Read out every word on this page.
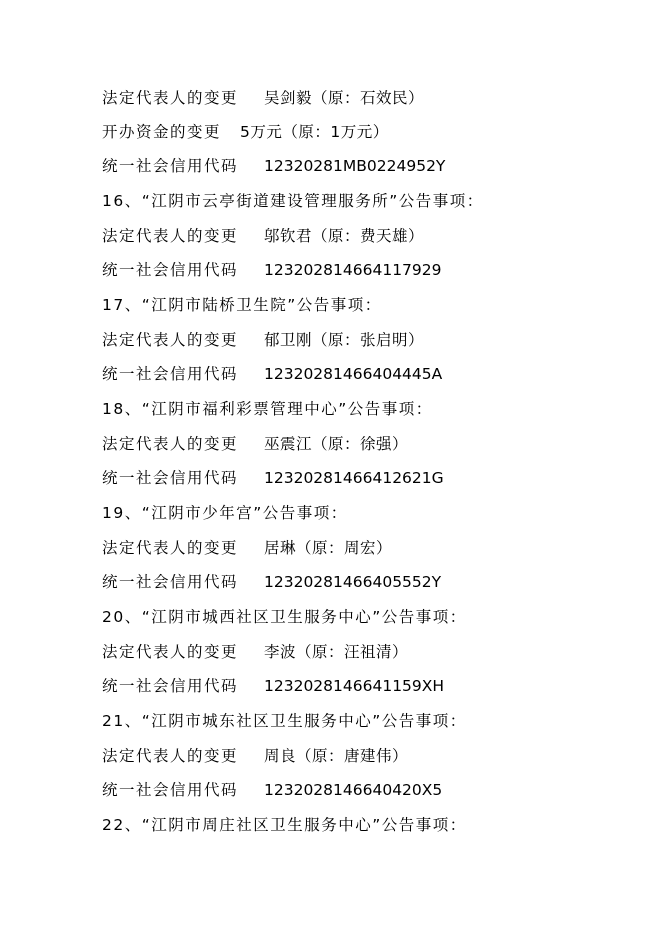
法定代表人的变更 吴剑毅（原：石效民）
开办资金的变更 5万元（原：1万元）
统一社会信用代码 12320281MB0224952Y
16、“江阴市云亭街道建设管理服务所”公告事项：
法定代表人的变更 邬钦君（原：费天雄）
统一社会信用代码 123202814664117929
17、“江阴市陆桥卫生院”公告事项：
法定代表人的变更 郁卫刚（原：张启明）
统一社会信用代码 12320281466404445A
18、“江阴市福利彩票管理中心”公告事项：
法定代表人的变更 巫震江（原：徐强）
统一社会信用代码 12320281466412621G
19、“江阴市少年宫”公告事项：
法定代表人的变更 居琳（原：周宏）
统一社会信用代码 12320281466405552Y
20、“江阴市城西社区卫生服务中心”公告事项：
法定代表人的变更 李波（原：汪祖清）
统一社会信用代码 1232028146641159XH
21、“江阴市城东社区卫生服务中心”公告事项：
法定代表人的变更 周良（原：唐建伟）
统一社会信用代码 1232028146640420X5
22、“江阴市周庄社区卫生服务中心”公告事项：
